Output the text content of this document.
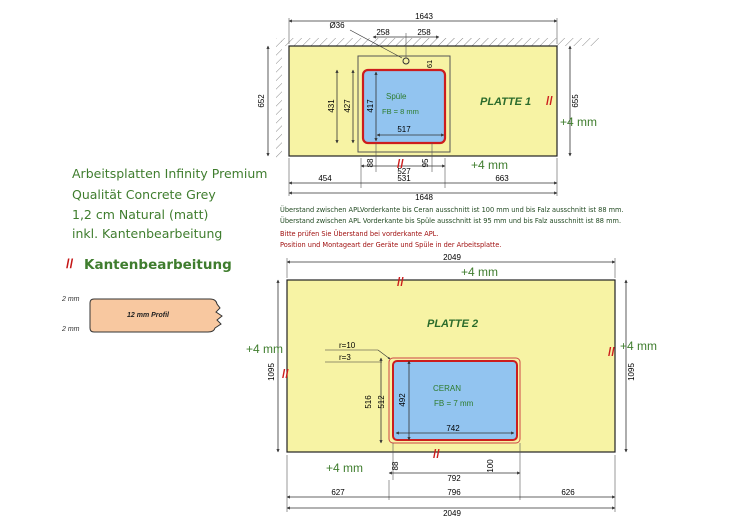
Arbeitsplatten Infinity Premium
Qualität Concrete Grey
1,2 cm Natural (matt)
inkl. Kantenbearbeitung
// Kantenbearbeitung
12 mm Profil
2 mm
2 mm
Überstand zwischen APLVorderkante bis Ceran ausschnitt ist 100 mm und bis Falz ausschnitt ist 88 mm.
Überstand zwischen APL Vorderkante bis Spüle ausschnitt ist 95 mm und bis Falz ausschnitt ist 88 mm.
Bitte prüfen Sie Überstand bei vorderkante APL.
Position und Montageart der Geräte und Spüle in der Arbeitsplatte.
Spüle
FB = 8 mm
PLATTE 1
1643
Ø36
258	258
652	655
431 427 417
61
517
88
527
95
454	531	663
1648
//
//
+4 mm
+4 mm
CERAN
FB = 7 mm
PLATTE 2
2049
1095	1095
r=10
r=3
516 512 492
742
88	100
792
627	796	626
2049
//
//
//
//
+4 mm
+4 mm	+4 mm
+4 mm
